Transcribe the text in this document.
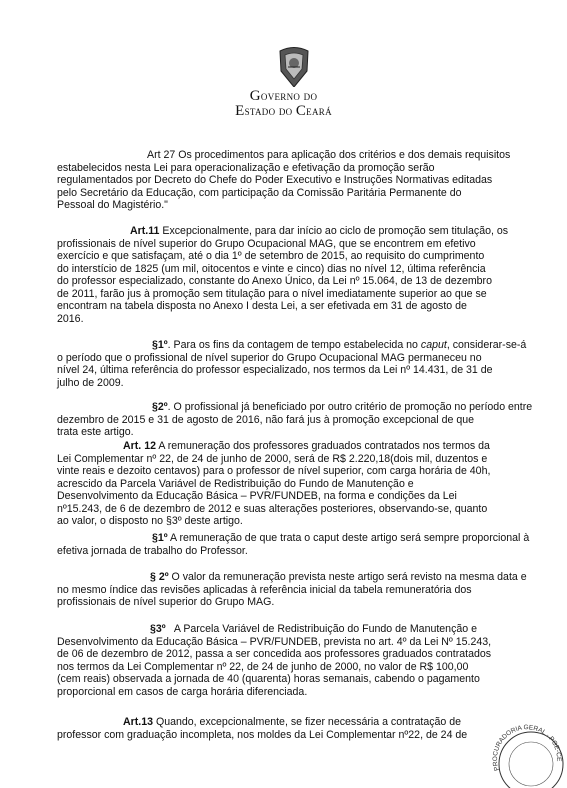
GOVERNO DO
ESTADO DO CEARÁ
Art 27 Os procedimentos para aplicação dos critérios e dos demais requisitos
estabelecidos nesta Lei para operacionalização e efetivação da promoção serão
regulamentados por Decreto do Chefe do Poder Executivo e Instruções Normativas editadas
pelo Secretário da Educação, com participação da Comissão Paritária Permanente do
Pessoal do Magistério."
Art.11 Excepcionalmente, para dar início ao ciclo de promoção sem titulação, os
profissionais de nível superior do Grupo Ocupacional MAG, que se encontrem em efetivo
exercício e que satisfaçam, até o dia 1º de setembro de 2015, ao requisito do cumprimento
do interstício de 1825 (um mil, oitocentos e vinte e cinco) dias no nível 12, última referência
do professor especializado, constante do Anexo Único, da Lei nº 15.064, de 13 de dezembro
de 2011, farão jus à promoção sem titulação para o nível imediatamente superior ao que se
encontram na tabela disposta no Anexo I desta Lei, a ser efetivada em 31 de agosto de
2016.
§1º. Para os fins da contagem de tempo estabelecida no caput, considerar-se-á
o período que o profissional de nível superior do Grupo Ocupacional MAG permaneceu no
nível 24, última referência do professor especializado, nos termos da Lei nº 14.431, de 31 de
julho de 2009.
§2º. O profissional já beneficiado por outro critério de promoção no período entre
dezembro de 2015 e 31 de agosto de 2016, não fará jus à promoção excepcional de que
trata este artigo.
Art. 12 A remuneração dos professores graduados contratados nos termos da
Lei Complementar nº 22, de 24 de junho de 2000, será de R$ 2.220,18(dois mil, duzentos e
vinte reais e dezoito centavos) para o professor de nível superior, com carga horária de 40h,
acrescido da Parcela Variável de Redistribuição do Fundo de Manutenção e
Desenvolvimento da Educação Básica – PVR/FUNDEB, na forma e condições da Lei
nº15.243, de 6 de dezembro de 2012 e suas alterações posteriores, observando-se, quanto
ao valor, o disposto no §3º deste artigo.
§1º A remuneração de que trata o caput deste artigo será sempre proporcional à
efetiva jornada de trabalho do Professor.
§ 2º O valor da remuneração prevista neste artigo será revisto na mesma data e
no mesmo índice das revisões aplicadas à referência inicial da tabela remuneratória dos
profissionais de nível superior do Grupo MAG.
§3º   A Parcela Variável de Redistribuição do Fundo de Manutenção e
Desenvolvimento da Educação Básica – PVR/FUNDEB, prevista no art. 4º da Lei Nº 15.243,
de 06 de dezembro de 2012, passa a ser concedida aos professores graduados contratados
nos termos da Lei Complementar nº 22, de 24 de junho de 2000, no valor de R$ 100,00
(cem reais) observada a jornada de 40 (quarenta) horas semanais, cabendo o pagamento
proporcional em casos de carga horária diferenciada.
Art.13 Quando, excepcionalmente, se fizer necessária a contratação de
professor com graduação incompleta, nos moldes da Lei Complementar nº22, de 24 de
PROCURADORIA GERAL · PGE-CE
